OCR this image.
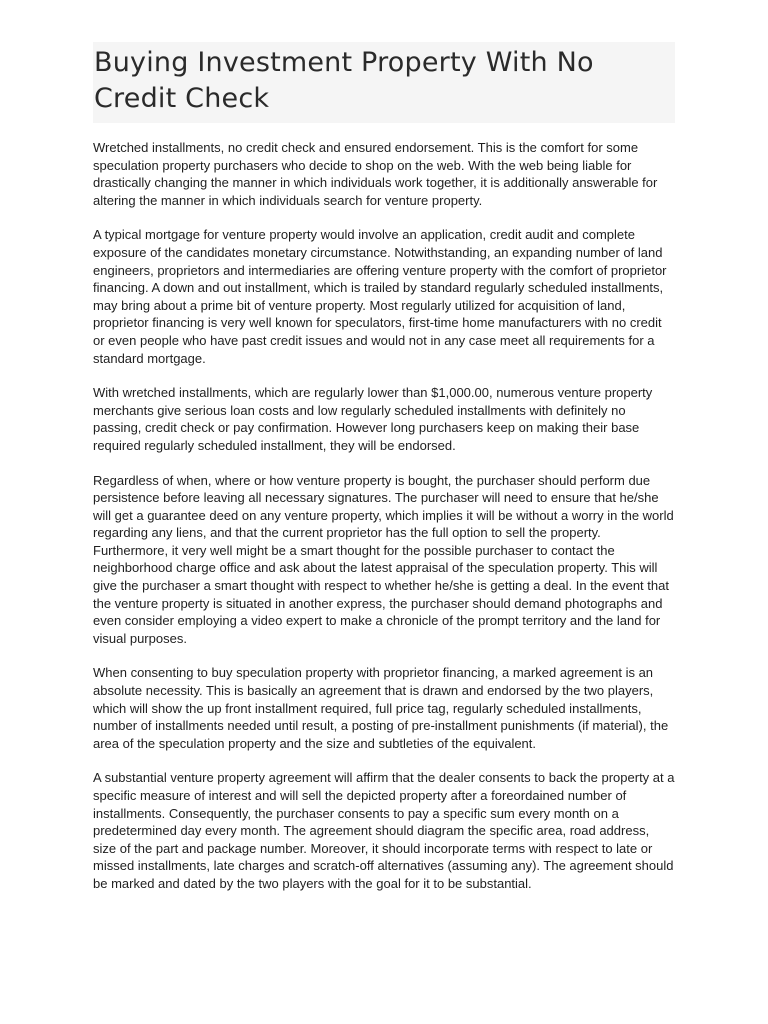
Buying Investment Property With No Credit Check

Wretched installments, no credit check and ensured endorsement. This is the comfort for some speculation property purchasers who decide to shop on the web. With the web being liable for drastically changing the manner in which individuals work together, it is additionally answerable for altering the manner in which individuals search for venture property.

A typical mortgage for venture property would involve an application, credit audit and complete exposure of the candidates monetary circumstance. Notwithstanding, an expanding number of land engineers, proprietors and intermediaries are offering venture property with the comfort of proprietor financing. A down and out installment, which is trailed by standard regularly scheduled installments, may bring about a prime bit of venture property. Most regularly utilized for acquisition of land, proprietor financing is very well known for speculators, first-time home manufacturers with no credit or even people who have past credit issues and would not in any case meet all requirements for a standard mortgage.

With wretched installments, which are regularly lower than $1,000.00, numerous venture property merchants give serious loan costs and low regularly scheduled installments with definitely no passing, credit check or pay confirmation. However long purchasers keep on making their base required regularly scheduled installment, they will be endorsed.

Regardless of when, where or how venture property is bought, the purchaser should perform due persistence before leaving all necessary signatures. The purchaser will need to ensure that he/she will get a guarantee deed on any venture property, which implies it will be without a worry in the world regarding any liens, and that the current proprietor has the full option to sell the property. Furthermore, it very well might be a smart thought for the possible purchaser to contact the neighborhood charge office and ask about the latest appraisal of the speculation property. This will give the purchaser a smart thought with respect to whether he/she is getting a deal. In the event that the venture property is situated in another express, the purchaser should demand photographs and even consider employing a video expert to make a chronicle of the prompt territory and the land for visual purposes.

When consenting to buy speculation property with proprietor financing, a marked agreement is an absolute necessity. This is basically an agreement that is drawn and endorsed by the two players, which will show the up front installment required, full price tag, regularly scheduled installments, number of installments needed until result, a posting of pre-installment punishments (if material), the area of the speculation property and the size and subtleties of the equivalent.

A substantial venture property agreement will affirm that the dealer consents to back the property at a specific measure of interest and will sell the depicted property after a foreordained number of installments. Consequently, the purchaser consents to pay a specific sum every month on a predetermined day every month. The agreement should diagram the specific area, road address, size of the part and package number. Moreover, it should incorporate terms with respect to late or missed installments, late charges and scratch-off alternatives (assuming any). The agreement should be marked and dated by the two players with the goal for it to be substantial.
